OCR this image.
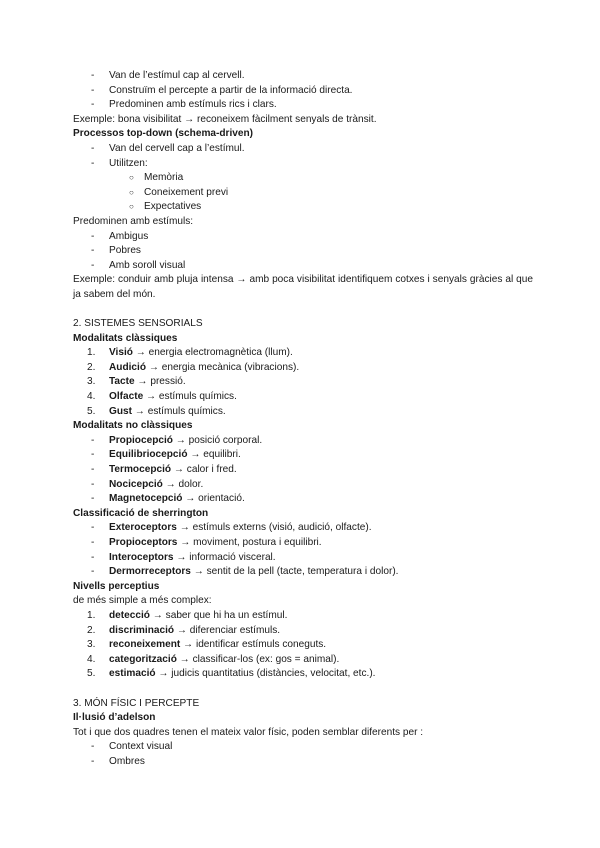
- Van de l’estímul cap al cervell.
- Construïm el percepte a partir de la informació directa.
- Predominen amb estímuls rics i clars.
Exemple: bona visibilitat → reconeixem fàcilment senyals de trànsit.
Processos top-down (schema-driven)
- Van del cervell cap a l’estímul.
- Utilitzen:
○ Memòria
○ Coneixement previ
○ Expectatives
Predominen amb estímuls:
- Ambigus
- Pobres
- Amb soroll visual
Exemple: conduir amb pluja intensa → amb poca visibilitat identifiquem cotxes i senyals gràcies al que ja sabem del món.
2. SISTEMES SENSORIALS
Modalitats clàssiques
1. Visió → energia electromagnètica (llum).
2. Audició → energia mecànica (vibracions).
3. Tacte → pressió.
4. Olfacte → estímuls químics.
5. Gust → estímuls químics.
Modalitats no clàssiques
- Propiocepció → posició corporal.
- Equilibriocepció → equilibri.
- Termocepció → calor i fred.
- Nocicepció → dolor.
- Magnetocepció → orientació.
Classificació de sherrington
- Exteroceptors → estímuls externs (visió, audició, olfacte).
- Propioceptors → moviment, postura i equilibri.
- Interoceptors → informació visceral.
- Dermorreceptors → sentit de la pell (tacte, temperatura i dolor).
Nivells perceptius
de més simple a més complex:
1. detecció → saber que hi ha un estímul.
2. discriminació → diferenciar estímuls.
3. reconeixement → identificar estímuls coneguts.
4. categorització → classificar-los (ex: gos = animal).
5. estimació → judicis quantitatius (distàncies, velocitat, etc.).
3. MÓN FÍSIC I PERCEPTE
Il·lusió d’adelson
Tot i que dos quadres tenen el mateix valor físic, poden semblar diferents per :
- Context visual
- Ombres
